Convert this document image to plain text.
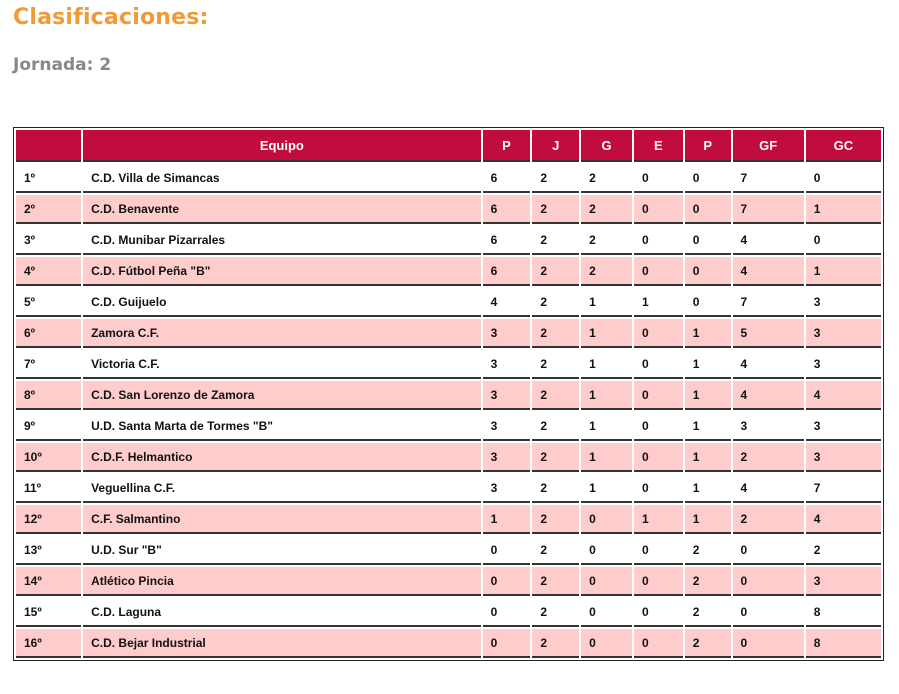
Clasificaciones:
Jornada: 2
	Equipo	P	J	G	E	P	GF	GC
1º	C.D. Villa de Simancas	6	2	2	0	0	7	0
2º	C.D. Benavente	6	2	2	0	0	7	1
3º	C.D. Munibar Pizarrales	6	2	2	0	0	4	0
4º	C.D. Fútbol Peña "B"	6	2	2	0	0	4	1
5º	C.D. Guijuelo	4	2	1	1	0	7	3
6º	Zamora C.F.	3	2	1	0	1	5	3
7º	Victoria C.F.	3	2	1	0	1	4	3
8º	C.D. San Lorenzo de Zamora	3	2	1	0	1	4	4
9º	U.D. Santa Marta de Tormes "B"	3	2	1	0	1	3	3
10º	C.D.F. Helmantico	3	2	1	0	1	2	3
11º	Veguellina C.F.	3	2	1	0	1	4	7
12º	C.F. Salmantino	1	2	0	1	1	2	4
13º	U.D. Sur "B"	0	2	0	0	2	0	2
14º	Atlético Pincia	0	2	0	0	2	0	3
15º	C.D. Laguna	0	2	0	0	2	0	8
16º	C.D. Bejar Industrial	0	2	0	0	2	0	8
